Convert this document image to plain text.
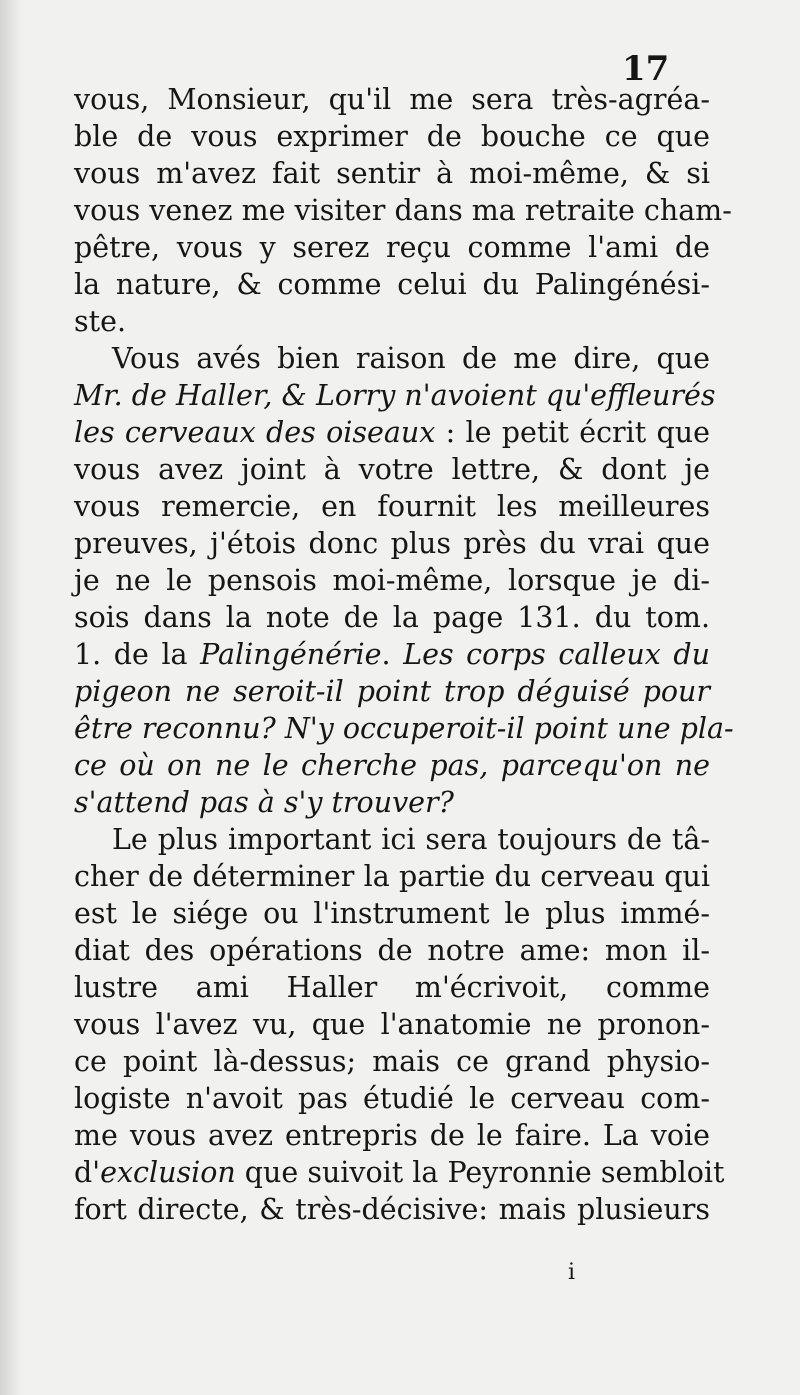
17
vous, Monsieur, qu'il me sera très-agréa-
ble de vous exprimer de bouche ce que
vous m'avez fait sentir à moi-même, & si
vous venez me visiter dans ma retraite cham-
pêtre, vous y serez reçu comme l'ami de
la nature, & comme celui du Palingénési-
ste.
Vous avés bien raison de me dire, que
Mr. de Haller, & Lorry n'avoient qu'effleurés
les cerveaux des oiseaux : le petit écrit que
vous avez joint à votre lettre, & dont je
vous remercie, en fournit les meilleures
preuves, j'étois donc plus près du vrai que
je ne le pensois moi-même, lorsque je di-
sois dans la note de la page 131. du tom.
1. de la Palingénérie. Les corps calleux du
pigeon ne seroit-il point trop déguisé pour
être reconnu? N'y occuperoit-il point une pla-
ce où on ne le cherche pas, parcequ'on ne
s'attend pas à s'y trouver?
Le plus important ici sera toujours de tâ-
cher de déterminer la partie du cerveau qui
est le siége ou l'instrument le plus immé-
diat des opérations de notre ame: mon il-
lustre ami Haller m'écrivoit, comme
vous l'avez vu, que l'anatomie ne pronon-
ce point là-dessus; mais ce grand physio-
logiste n'avoit pas étudié le cerveau com-
me vous avez entrepris de le faire. La voie
d'exclusion que suivoit la Peyronnie sembloit
fort directe, & très-décisive: mais plusieurs
i
